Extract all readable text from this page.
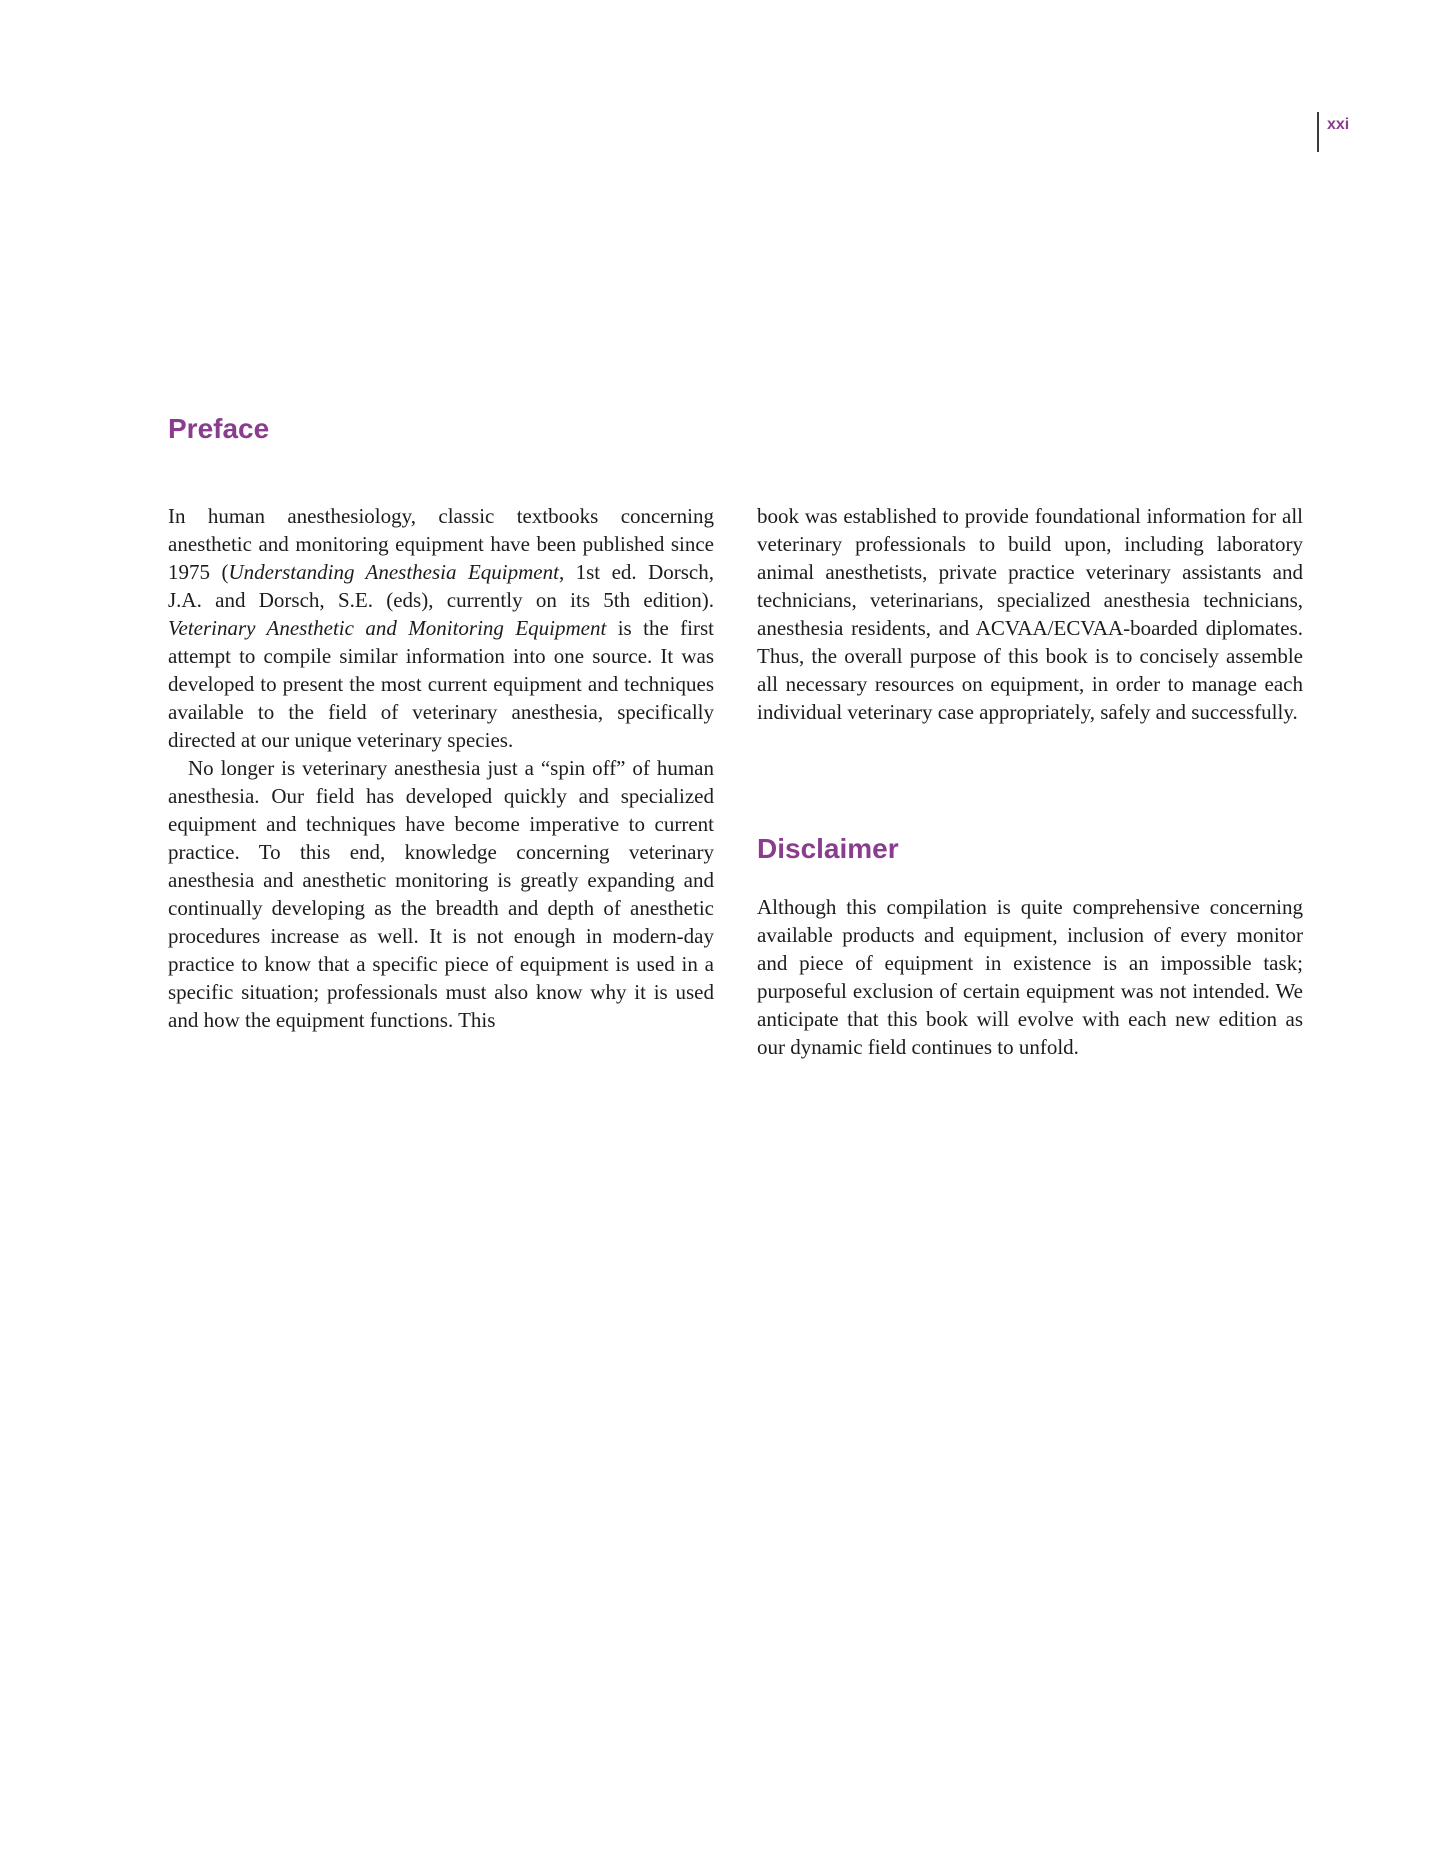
xxi
Preface

In human anesthesiology, classic textbooks concerning anesthetic and monitoring equipment have been published since 1975 (Understanding Anesthesia Equipment, 1st ed. Dorsch, J.A. and Dorsch, S.E. (eds), currently on its 5th edition). Veterinary Anesthetic and Monitoring Equipment is the first attempt to compile similar information into one source. It was developed to present the most current equipment and techniques available to the field of veterinary anesthesia, specifically directed at our unique veterinary species.

No longer is veterinary anesthesia just a “spin off” of human anesthesia. Our field has developed quickly and specialized equipment and techniques have become imperative to current practice. To this end, knowledge concerning veterinary anesthesia and anesthetic monitoring is greatly expanding and continually developing as the breadth and depth of anesthetic procedures increase as well. It is not enough in modern-day practice to know that a specific piece of equipment is used in a specific situation; professionals must also know why it is used and how the equipment functions. This

book was established to provide foundational information for all veterinary professionals to build upon, including laboratory animal anesthetists, private practice veterinary assistants and technicians, veterinarians, specialized anesthesia technicians, anesthesia residents, and ACVAA/ECVAA-boarded diplomates. Thus, the overall purpose of this book is to concisely assemble all necessary resources on equipment, in order to manage each individual veterinary case appropriately, safely and successfully.

Disclaimer

Although this compilation is quite comprehensive concerning available products and equipment, inclusion of every monitor and piece of equipment in existence is an impossible task; purposeful exclusion of certain equipment was not intended. We anticipate that this book will evolve with each new edition as our dynamic field continues to unfold.
